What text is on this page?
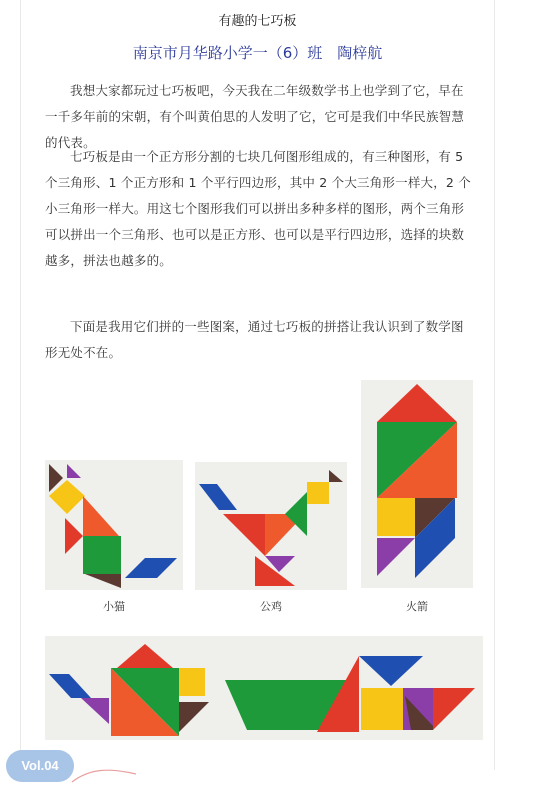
有趣的七巧板
南京市月华路小学一（6）班　陶梓航

我想大家都玩过七巧板吧，今天我在二年级数学书上也学到了它，早在一千多年前的宋朝，有个叫黄伯思的人发明了它，它可是我们中华民族智慧的代表。

七巧板是由一个正方形分割的七块几何图形组成的，有三种图形，有 5 个三角形、1 个正方形和 1 个平行四边形，其中 2 个大三角形一样大，2 个小三角形一样大。用这七个图形我们可以拼出多种多样的图形，两个三角形可以拼出一个三角形、也可以是正方形、也可以是平行四边形，选择的块数越多，拼法也越多的。

下面是我用它们拼的一些图案，通过七巧板的拼搭让我认识到了数学图形无处不在。

小猫	公鸡	火箭
Vol.04
